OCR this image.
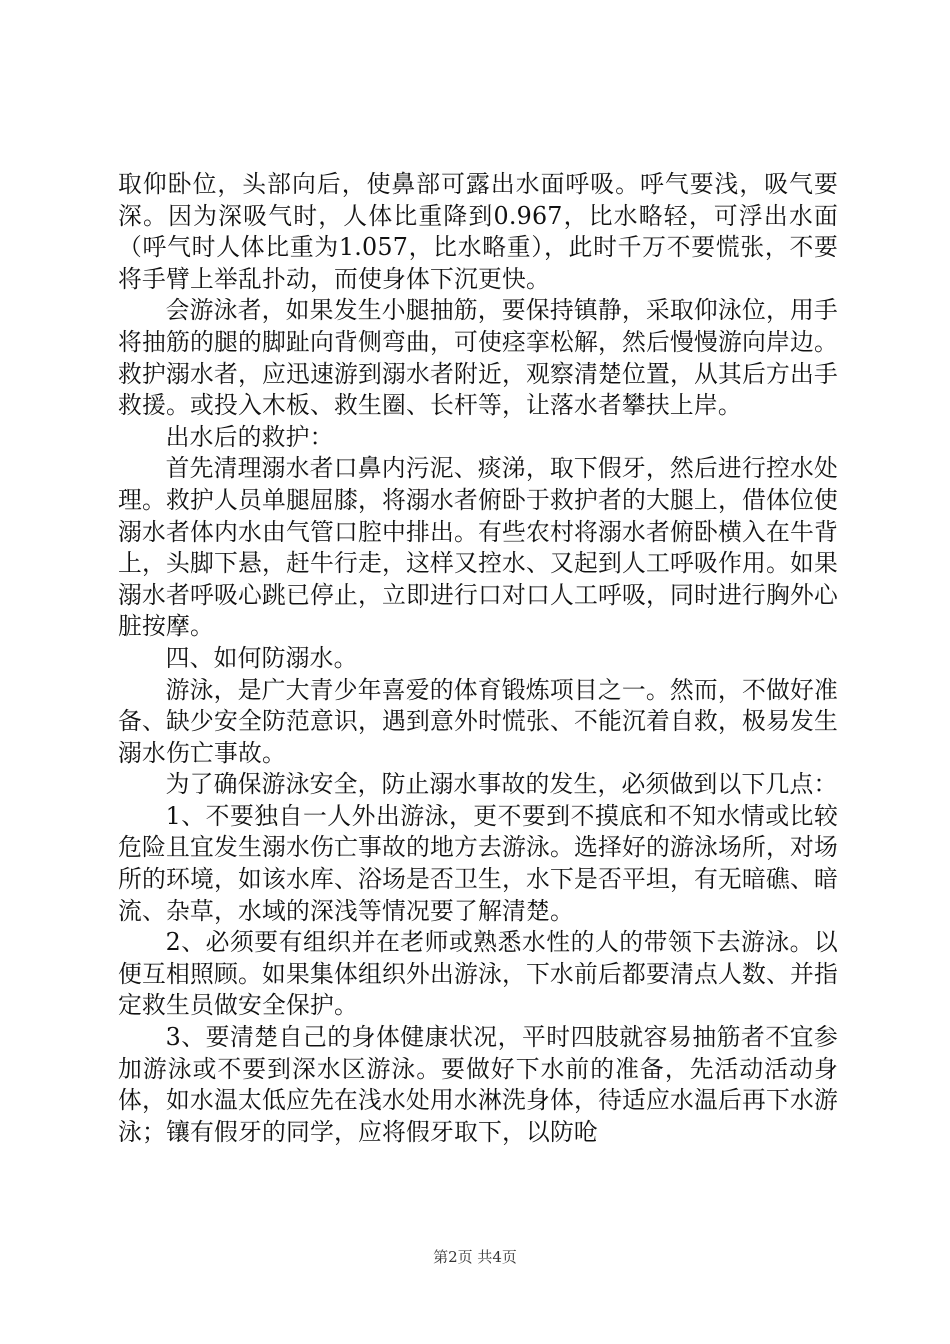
取仰卧位，头部向后，使鼻部可露出水面呼吸。呼气要浅，吸气要深。因为深吸气时，人体比重降到0.967，比水略轻，可浮出水面（呼气时人体比重为1.057，比水略重），此时千万不要慌张，不要将手臂上举乱扑动，而使身体下沉更快。

会游泳者，如果发生小腿抽筋，要保持镇静，采取仰泳位，用手将抽筋的腿的脚趾向背侧弯曲，可使痉挛松解，然后慢慢游向岸边。救护溺水者，应迅速游到溺水者附近，观察清楚位置，从其后方出手救援。或投入木板、救生圈、长杆等，让落水者攀扶上岸。

出水后的救护：

首先清理溺水者口鼻内污泥、痰涕，取下假牙，然后进行控水处理。救护人员单腿屈膝，将溺水者俯卧于救护者的大腿上，借体位使溺水者体内水由气管口腔中排出。有些农村将溺水者俯卧横入在牛背上，头脚下悬，赶牛行走，这样又控水、又起到人工呼吸作用。如果溺水者呼吸心跳已停止，立即进行口对口人工呼吸，同时进行胸外心脏按摩。

四、如何防溺水。

游泳，是广大青少年喜爱的体育锻炼项目之一。然而，不做好准备、缺少安全防范意识，遇到意外时慌张、不能沉着自救，极易发生溺水伤亡事故。

为了确保游泳安全，防止溺水事故的发生，必须做到以下几点：

1、不要独自一人外出游泳，更不要到不摸底和不知水情或比较危险且宜发生溺水伤亡事故的地方去游泳。选择好的游泳场所，对场所的环境，如该水库、浴场是否卫生，水下是否平坦，有无暗礁、暗流、杂草，水域的深浅等情况要了解清楚。

2、必须要有组织并在老师或熟悉水性的人的带领下去游泳。以便互相照顾。如果集体组织外出游泳，下水前后都要清点人数、并指定救生员做安全保护。

3、要清楚自己的身体健康状况，平时四肢就容易抽筋者不宜参加游泳或不要到深水区游泳。要做好下水前的准备，先活动活动身体，如水温太低应先在浅水处用水淋洗身体，待适应水温后再下水游泳；镶有假牙的同学，应将假牙取下，以防呛

第2页 共4页
